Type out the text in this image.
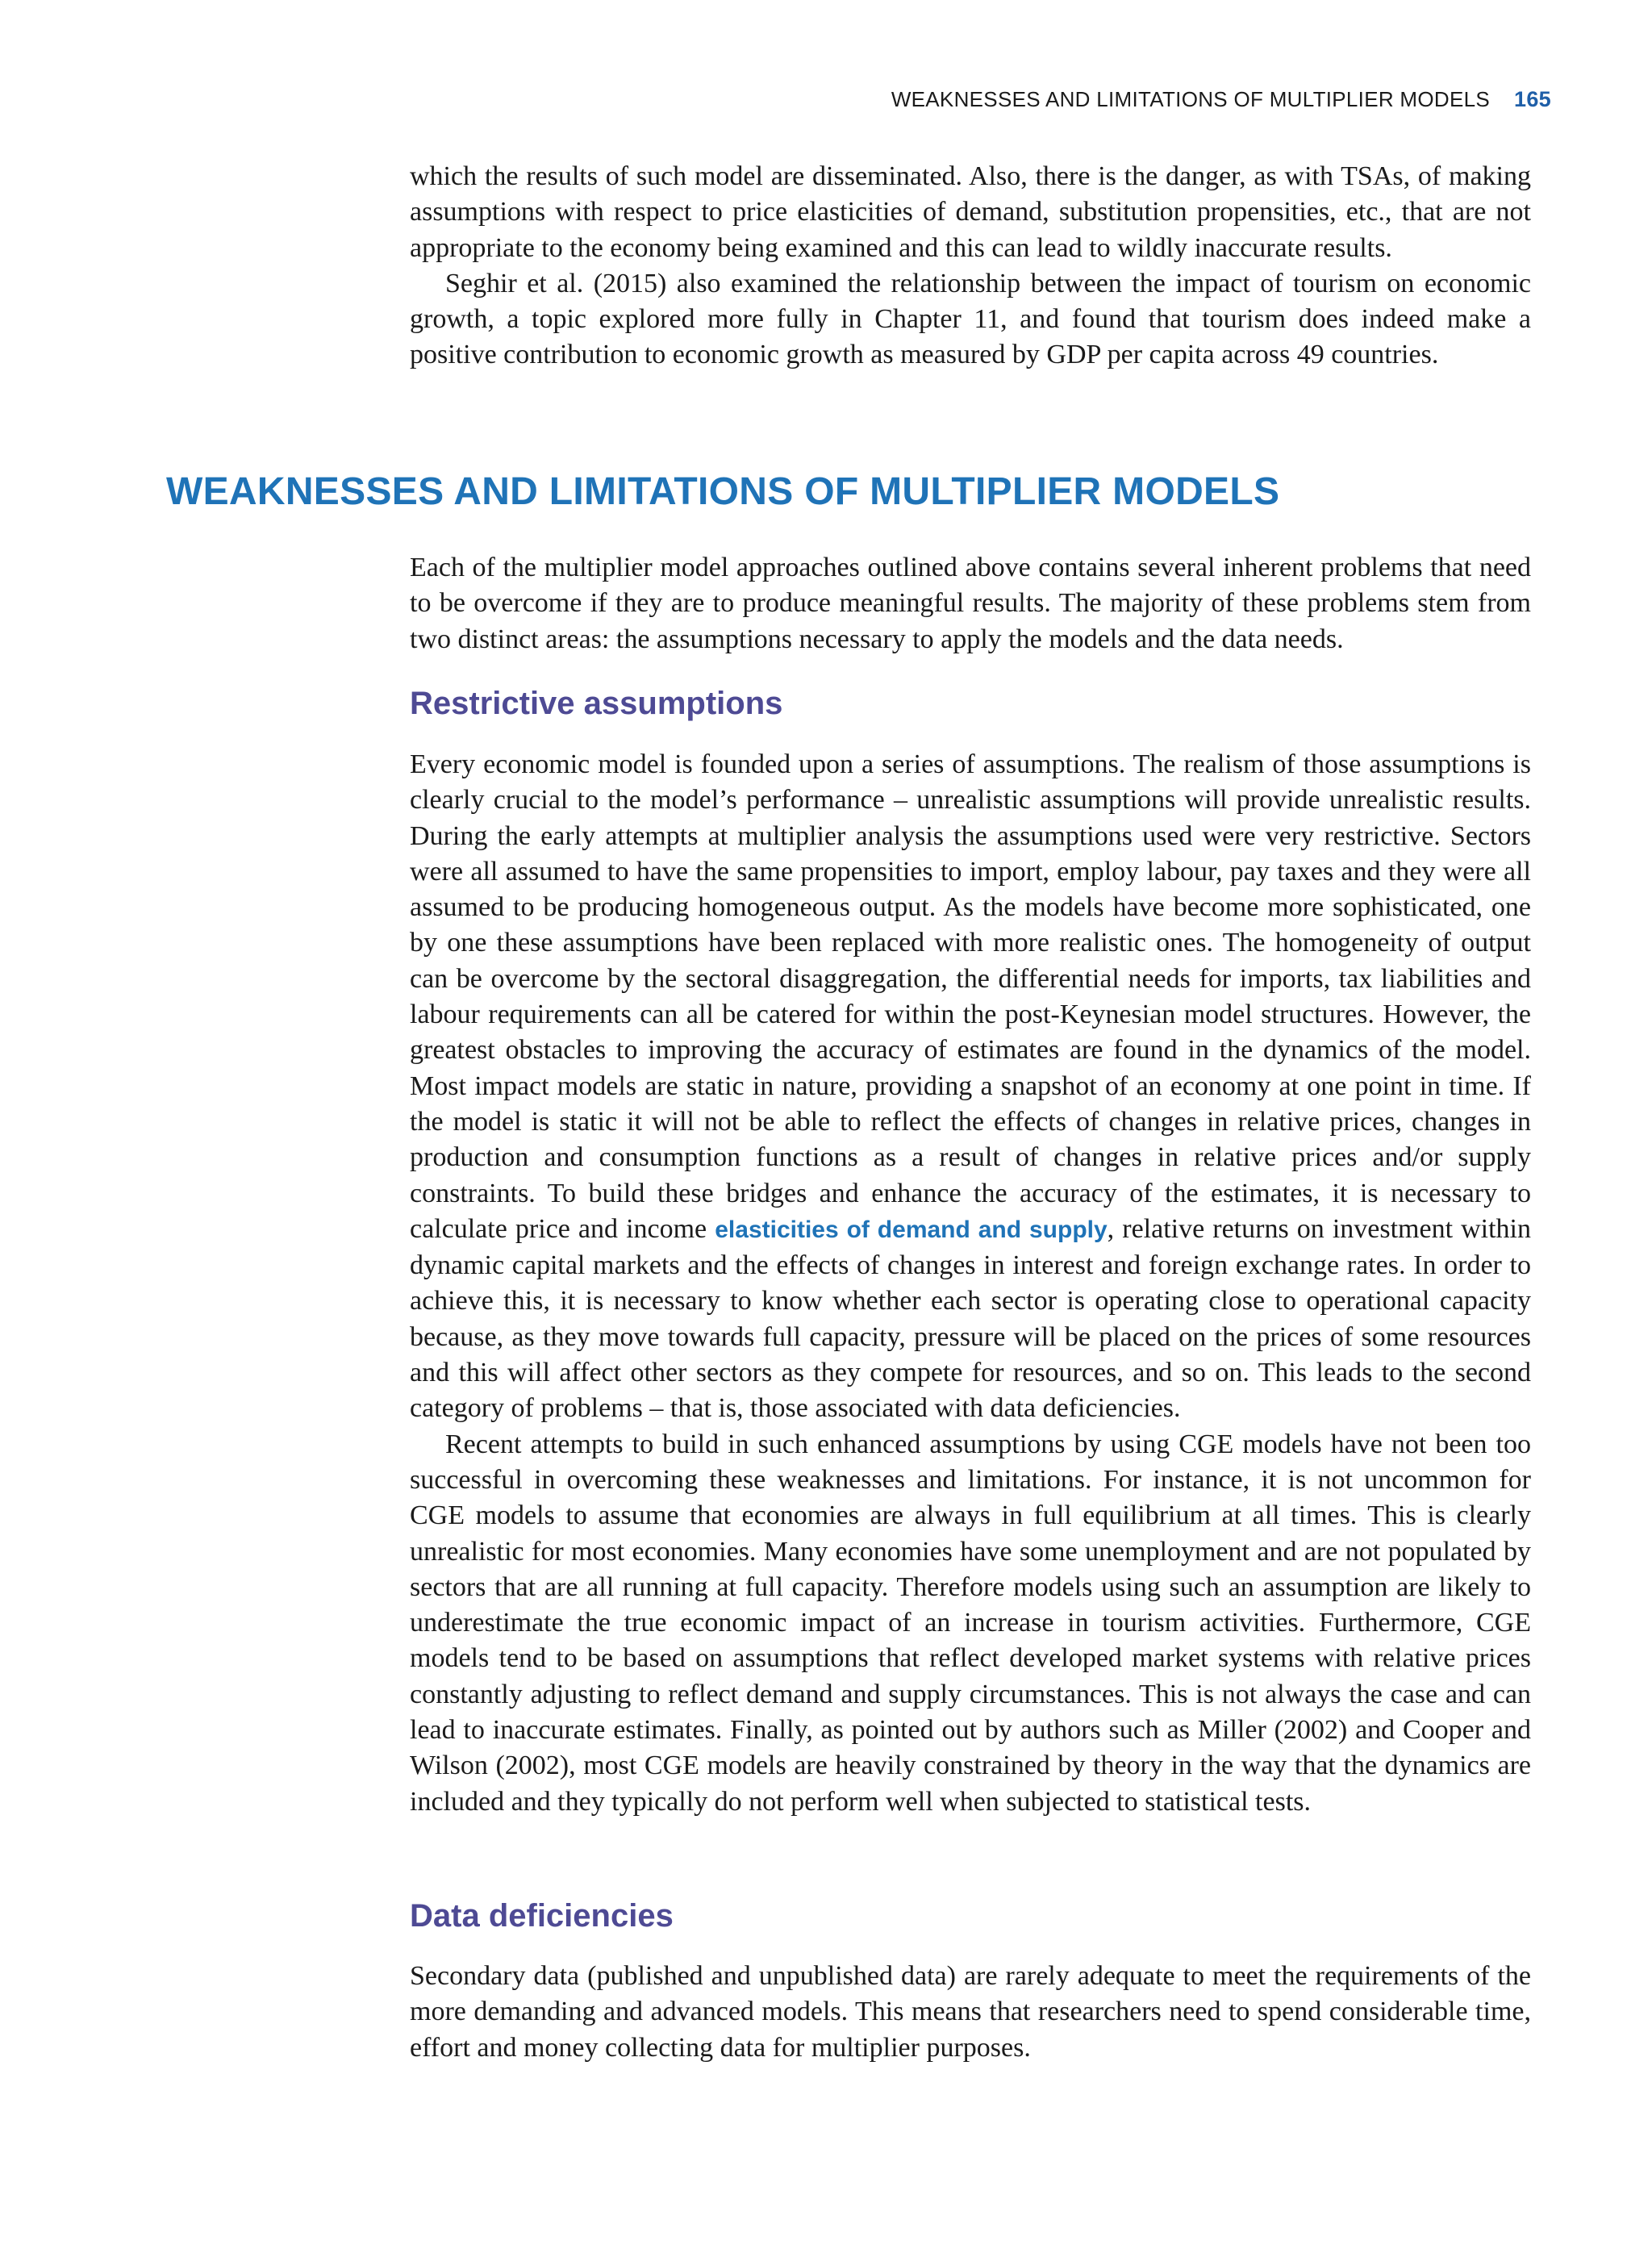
WEAKNESSES AND LIMITATIONS OF MULTIPLIER MODELS 165

which the results of such model are disseminated. Also, there is the danger, as with TSAs, of making assumptions with respect to price elasticities of demand, substitution propensities, etc., that are not appropriate to the economy being examined and this can lead to wildly inaccurate results.

Seghir et al. (2015) also examined the relationship between the impact of tourism on economic growth, a topic explored more fully in Chapter 11, and found that tourism does indeed make a positive contribution to economic growth as measured by GDP per capita across 49 countries.

WEAKNESSES AND LIMITATIONS OF MULTIPLIER MODELS

Each of the multiplier model approaches outlined above contains several inherent problems that need to be overcome if they are to produce meaningful results. The majority of these problems stem from two distinct areas: the assumptions necessary to apply the models and the data needs.

Restrictive assumptions

Every economic model is founded upon a series of assumptions. The realism of those assumptions is clearly crucial to the model’s performance – unrealistic assumptions will provide unrealistic results. During the early attempts at multiplier analysis the assumptions used were very restrictive. Sectors were all assumed to have the same propensities to import, employ labour, pay taxes and they were all assumed to be producing homogeneous output. As the models have become more sophisticated, one by one these assumptions have been replaced with more realistic ones. The homogeneity of output can be overcome by the sectoral disaggregation, the differential needs for imports, tax liabilities and labour requirements can all be catered for within the post-Keynesian model structures. However, the greatest obstacles to improving the accuracy of estimates are found in the dynamics of the model. Most impact models are static in nature, providing a snapshot of an economy at one point in time. If the model is static it will not be able to reflect the effects of changes in relative prices, changes in production and consumption functions as a result of changes in relative prices and/or supply constraints. To build these bridges and enhance the accuracy of the estimates, it is necessary to calculate price and income elasticities of demand and supply, relative returns on investment within dynamic capital markets and the effects of changes in interest and foreign exchange rates. In order to achieve this, it is necessary to know whether each sector is operating close to operational capacity because, as they move towards full capacity, pressure will be placed on the prices of some resources and this will affect other sectors as they compete for resources, and so on. This leads to the second category of problems – that is, those associated with data deficiencies.

Recent attempts to build in such enhanced assumptions by using CGE models have not been too successful in overcoming these weaknesses and limitations. For instance, it is not uncommon for CGE models to assume that economies are always in full equilibrium at all times. This is clearly unrealistic for most economies. Many economies have some unemployment and are not populated by sectors that are all running at full capacity. Therefore models using such an assumption are likely to underestimate the true economic impact of an increase in tourism activities. Furthermore, CGE models tend to be based on assumptions that reflect developed market systems with relative prices constantly adjusting to reflect demand and supply circumstances. This is not always the case and can lead to inaccurate estimates. Finally, as pointed out by authors such as Miller (2002) and Cooper and Wilson (2002), most CGE models are heavily constrained by theory in the way that the dynamics are included and they typically do not perform well when subjected to statistical tests.

Data deficiencies

Secondary data (published and unpublished data) are rarely adequate to meet the requirements of the more demanding and advanced models. This means that researchers need to spend considerable time, effort and money collecting data for multiplier purposes.
